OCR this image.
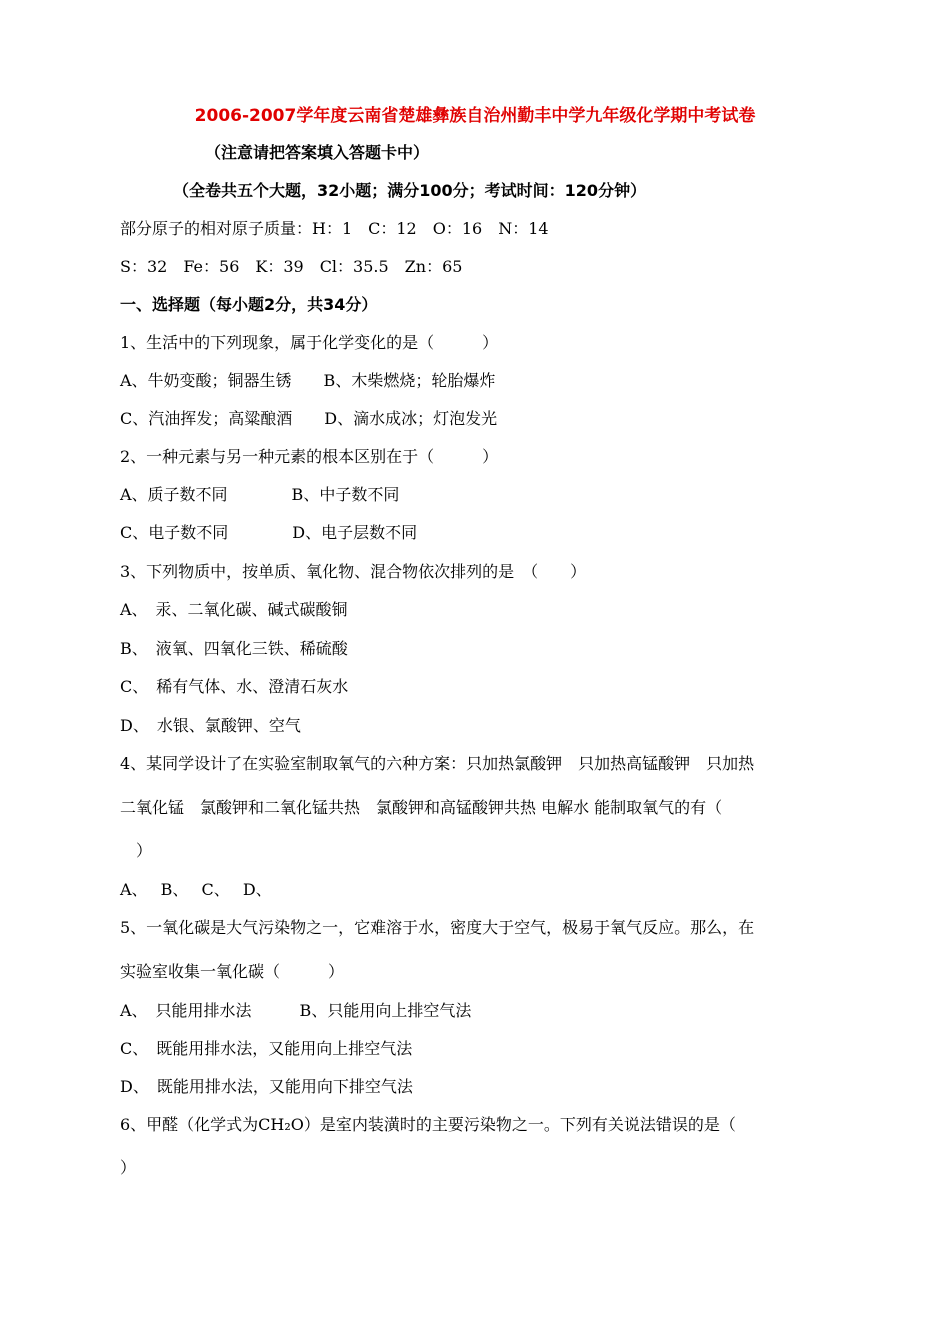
2006-2007学年度云南省楚雄彝族自治州勤丰中学九年级化学期中考试卷
（注意请把答案填入答题卡中）
（全卷共五个大题，32小题；满分100分；考试时间：120分钟）
部分原子的相对原子质量：H：1　C：12　O：16　N：14
S：32　Fe：56　K：39　Cl：35.5　Zn：65
一、选择题（每小题2分，共34分）
1、生活中的下列现象，属于化学变化的是（　　　）
A、牛奶变酸；铜器生锈　　B、木柴燃烧；轮胎爆炸
C、汽油挥发；高粱酿酒　　D、滴水成冰；灯泡发光
2、一种元素与另一种元素的根本区别在于（　　　）
A、质子数不同　　　　B、中子数不同
C、电子数不同　　　　D、电子层数不同
3、下列物质中，按单质、氧化物、混合物依次排列的是　（　　）
A、　汞、二氧化碳、碱式碳酸铜
B、　液氧、四氧化三铁、稀硫酸
C、　稀有气体、水、澄清石灰水
D、　水银、氯酸钾、空气
4、某同学设计了在实验室制取氧气的六种方案：只加热氯酸钾　只加热高锰酸钾　只加热
二氧化锰　氯酸钾和二氧化锰共热　氯酸钾和高锰酸钾共热 电解水 能制取氧气的有（
　）
A、　 B、　 C、　 D、
5、一氧化碳是大气污染物之一，它难溶于水，密度大于空气，极易于氧气反应。那么，在
实验室收集一氧化碳（　　　）
A、　只能用排水法　　　B、只能用向上排空气法
C、　既能用排水法，又能用向上排空气法
D、　既能用排水法，又能用向下排空气法
6、甲醛（化学式为CH₂O）是室内装潢时的主要污染物之一。下列有关说法错误的是（
）
